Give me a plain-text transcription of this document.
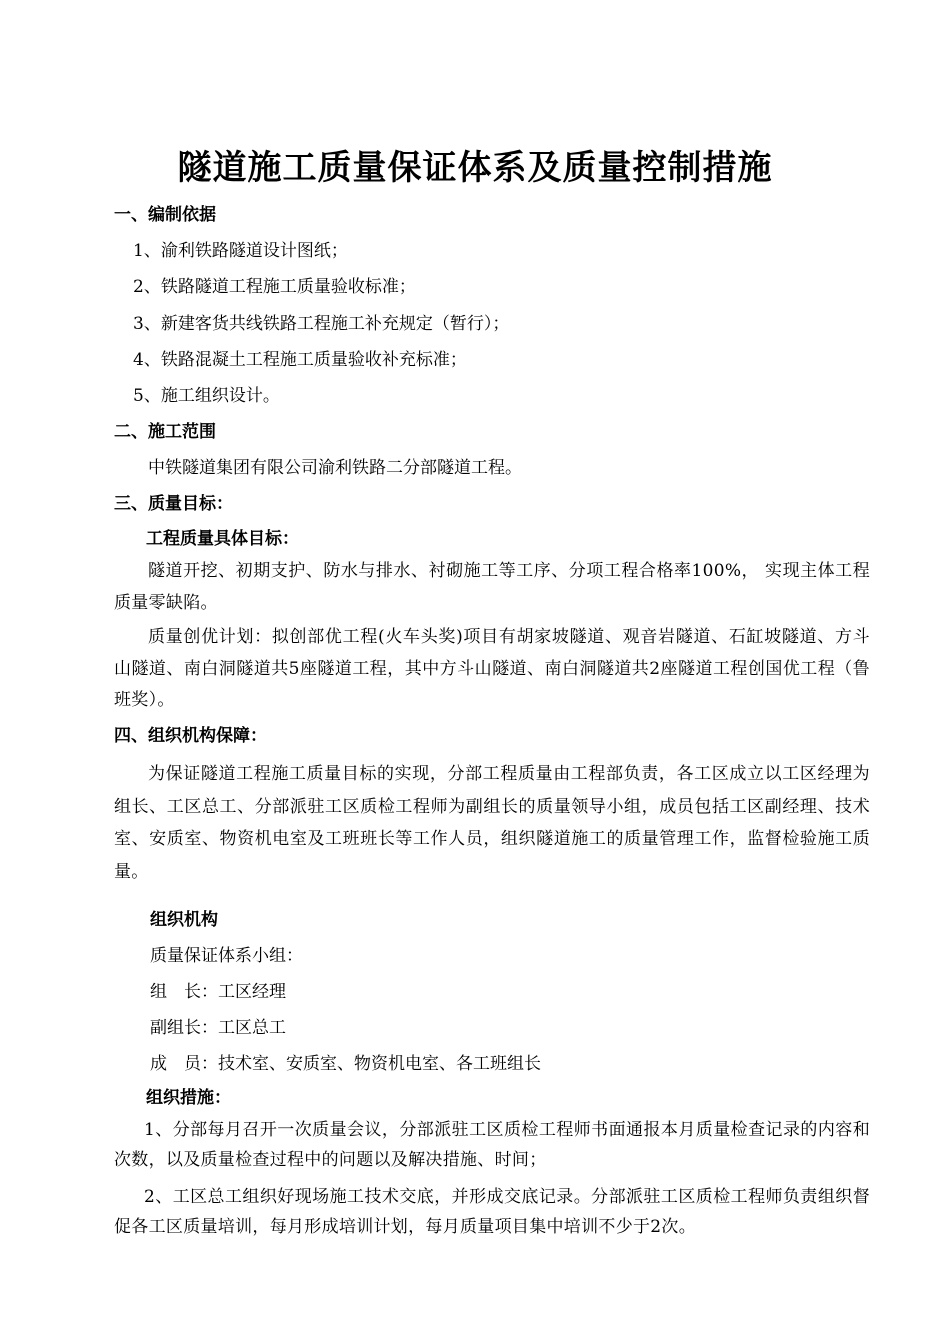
隧道施工质量保证体系及质量控制措施
一、编制依据
1、渝利铁路隧道设计图纸；
2、铁路隧道工程施工质量验收标准；
3、新建客货共线铁路工程施工补充规定（暂行）；
4、铁路混凝土工程施工质量验收补充标准；
5、施工组织设计。
二、施工范围
中铁隧道集团有限公司渝利铁路二分部隧道工程。
三、质量目标：
工程质量具体目标：
隧道开挖、初期支护、防水与排水、衬砌施工等工序、分项工程合格率100%， 实现主体工程质量零缺陷。
质量创优计划：拟创部优工程(火车头奖)项目有胡家坡隧道、观音岩隧道、石缸坡隧道、方斗山隧道、南白洞隧道共5座隧道工程，其中方斗山隧道、南白洞隧道共2座隧道工程创国优工程（鲁班奖）。
四、组织机构保障：
为保证隧道工程施工质量目标的实现，分部工程质量由工程部负责，各工区成立以工区经理为组长、工区总工、分部派驻工区质检工程师为副组长的质量领导小组，成员包括工区副经理、技术室、安质室、物资机电室及工班班长等工作人员，组织隧道施工的质量管理工作，监督检验施工质量。
组织机构
质量保证体系小组：
组　长：工区经理
副组长：工区总工
成　员：技术室、安质室、物资机电室、各工班组长
组织措施：
1、分部每月召开一次质量会议，分部派驻工区质检工程师书面通报本月质量检查记录的内容和次数，以及质量检查过程中的问题以及解决措施、时间；
2、工区总工组织好现场施工技术交底，并形成交底记录。分部派驻工区质检工程师负责组织督促各工区质量培训，每月形成培训计划，每月质量项目集中培训不少于2次。
